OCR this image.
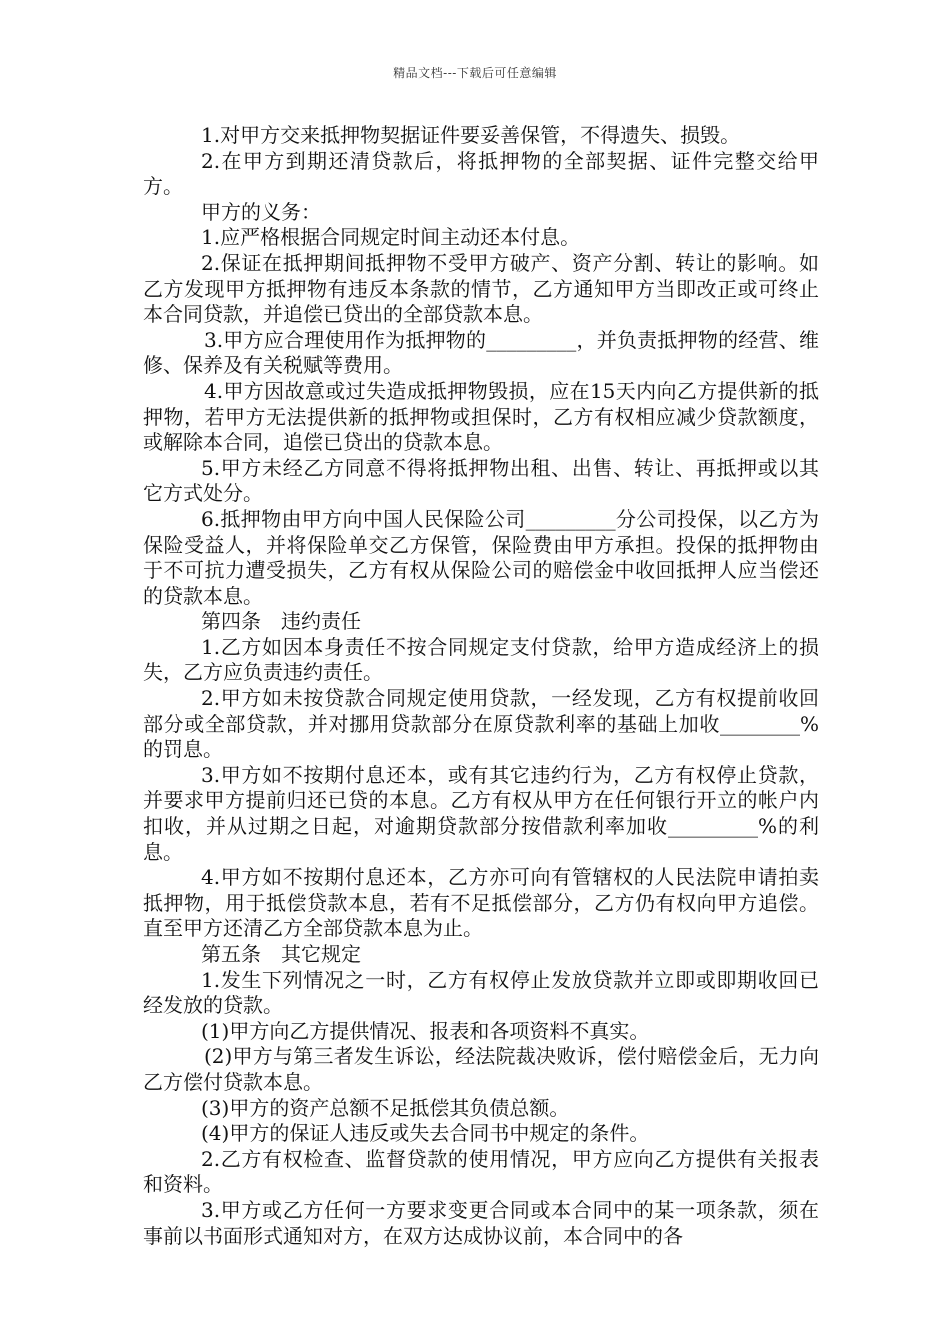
精品文档---下载后可任意编辑

1.对甲方交来抵押物契据证件要妥善保管，不得遗失、损毁。

2.在甲方到期还清贷款后，将抵押物的全部契据、证件完整交给甲方。

甲方的义务：

1.应严格根据合同规定时间主动还本付息。

2.保证在抵押期间抵押物不受甲方破产、资产分割、转让的影响。如乙方发现甲方抵押物有违反本条款的情节，乙方通知甲方当即改正或可终止本合同贷款，并追偿已贷出的全部贷款本息。

3.甲方应合理使用作为抵押物的_________，并负责抵押物的经营、维修、保养及有关税赋等费用。

4.甲方因故意或过失造成抵押物毁损，应在15天内向乙方提供新的抵押物，若甲方无法提供新的抵押物或担保时，乙方有权相应减少贷款额度，或解除本合同，追偿已贷出的贷款本息。

5.甲方未经乙方同意不得将抵押物出租、出售、转让、再抵押或以其它方式处分。

6.抵押物由甲方向中国人民保险公司_________分公司投保，以乙方为保险受益人，并将保险单交乙方保管，保险费由甲方承担。投保的抵押物由于不可抗力遭受损失，乙方有权从保险公司的赔偿金中收回抵押人应当偿还的贷款本息。

第四条　违约责任

1.乙方如因本身责任不按合同规定支付贷款，给甲方造成经济上的损失，乙方应负责违约责任。

2.甲方如未按贷款合同规定使用贷款，一经发现，乙方有权提前收回部分或全部贷款，并对挪用贷款部分在原贷款利率的基础上加收________%的罚息。

3.甲方如不按期付息还本，或有其它违约行为，乙方有权停止贷款，并要求甲方提前归还已贷的本息。乙方有权从甲方在任何银行开立的帐户内扣收，并从过期之日起，对逾期贷款部分按借款利率加收_________%的利息。

4.甲方如不按期付息还本，乙方亦可向有管辖权的人民法院申请拍卖抵押物，用于抵偿贷款本息，若有不足抵偿部分，乙方仍有权向甲方追偿。直至甲方还清乙方全部贷款本息为止。

第五条　其它规定

1.发生下列情况之一时，乙方有权停止发放贷款并立即或即期收回已经发放的贷款。

(1)甲方向乙方提供情况、报表和各项资料不真实。

(2)甲方与第三者发生诉讼，经法院裁决败诉，偿付赔偿金后，无力向乙方偿付贷款本息。

(3)甲方的资产总额不足抵偿其负债总额。

(4)甲方的保证人违反或失去合同书中规定的条件。

2.乙方有权检查、监督贷款的使用情况，甲方应向乙方提供有关报表和资料。

3.甲方或乙方任何一方要求变更合同或本合同中的某一项条款，须在事前以书面形式通知对方，在双方达成协议前，本合同中的各
